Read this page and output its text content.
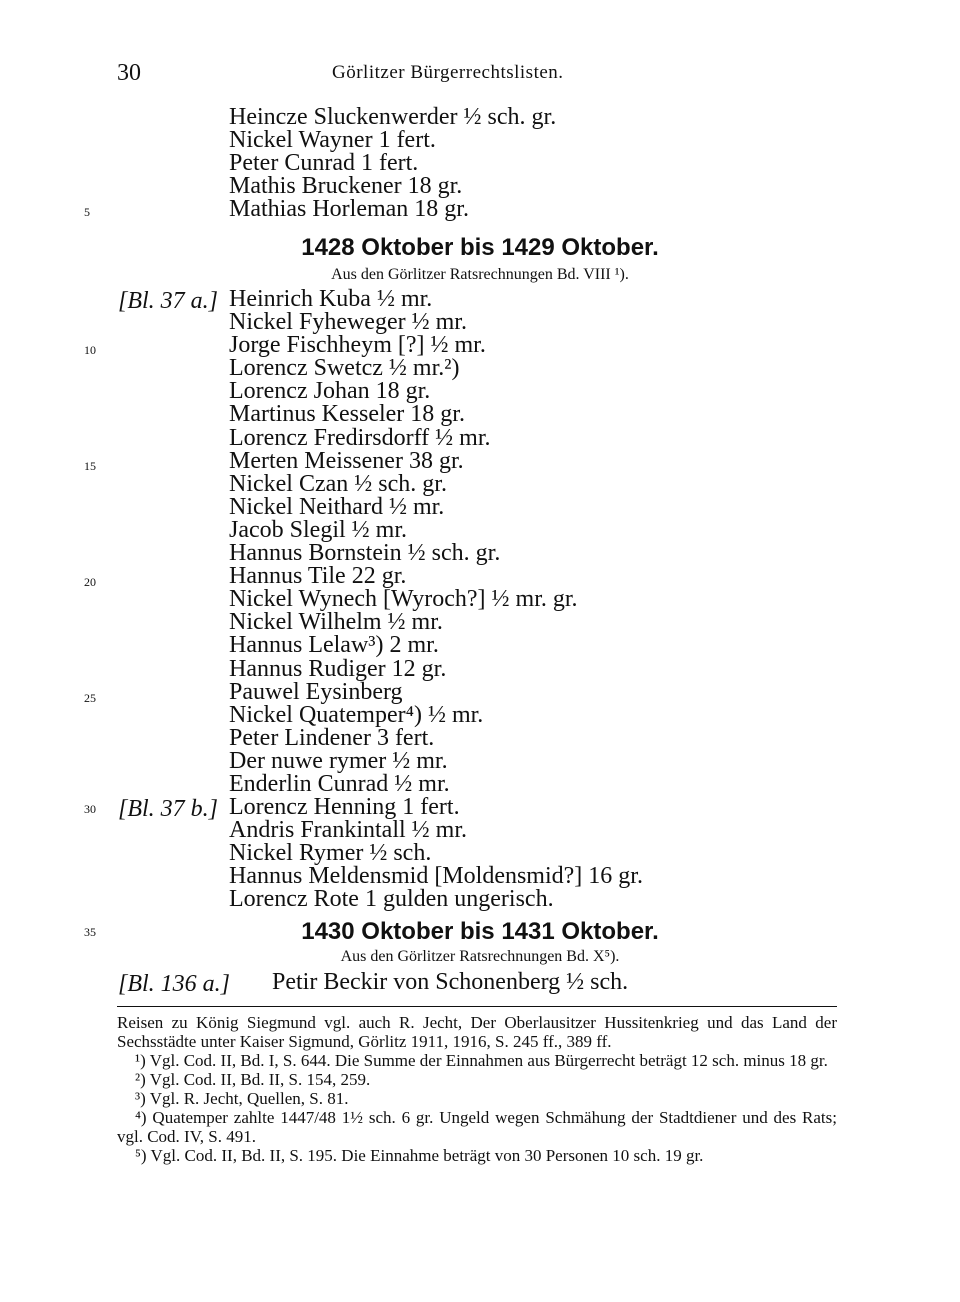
30	Görlitzer Bürgerrechtslisten.
5
10
15
20
25
30
35
[Bl. 37 a.]
[Bl. 37 b.]
Heincze Sluckenwerder ½ sch. gr.
Nickel Wayner 1 fert.
Peter Cunrad 1 fert.
Mathis Bruckener 18 gr.
Mathias Horleman 18 gr.
1428 Oktober bis 1429 Oktober.
Aus den Görlitzer Ratsrechnungen Bd. VIII ¹).
Heinrich Kuba ½ mr.
Nickel Fyheweger ½ mr.
Jorge Fischheym [?] ½ mr.
Lorencz Swetcz ½ mr.²)
Lorencz Johan 18 gr.
Martinus Kesseler 18 gr.
Lorencz Fredirsdorff ½ mr.
Merten Meissener 38 gr.
Nickel Czan ½ sch. gr.
Nickel Neithard ½ mr.
Jacob Slegil ½ mr.
Hannus Bornstein ½ sch. gr.
Hannus Tile 22 gr.
Nickel Wynech [Wyroch?] ½ mr. gr.
Nickel Wilhelm ½ mr.
Hannus Lelaw³) 2 mr.
Hannus Rudiger 12 gr.
Pauwel Eysinberg
Nickel Quatemper⁴) ½ mr.
Peter Lindener 3 fert.
Der nuwe rymer ½ mr.
Enderlin Cunrad ½ mr.
Lorencz Henning 1 fert.
Andris Frankintall ½ mr.
Nickel Rymer ½ sch.
Hannus Meldensmid [Moldensmid?] 16 gr.
Lorencz Rote 1 gulden ungerisch.
1430 Oktober bis 1431 Oktober.
Aus den Görlitzer Ratsrechnungen Bd. X⁵).
[Bl. 136 a.] Petir Beckir von Schonenberg ½ sch.

Reisen zu König Siegmund vgl. auch R. Jecht, Der Oberlausitzer Hussitenkrieg und das Land der Sechsstädte unter Kaiser Sigmund, Görlitz 1911, 1916, S. 245 ff., 389 ff.

¹) Vgl. Cod. II, Bd. I, S. 644. Die Summe der Einnahmen aus Bürgerrecht beträgt 12 sch. minus 18 gr.

²) Vgl. Cod. II, Bd. II, S. 154, 259.

³) Vgl. R. Jecht, Quellen, S. 81.

⁴) Quatemper zahlte 1447/48 1½ sch. 6 gr. Ungeld wegen Schmähung der Stadtdiener und des Rats; vgl. Cod. IV, S. 491.

⁵) Vgl. Cod. II, Bd. II, S. 195. Die Einnahme beträgt von 30 Personen 10 sch. 19 gr.
